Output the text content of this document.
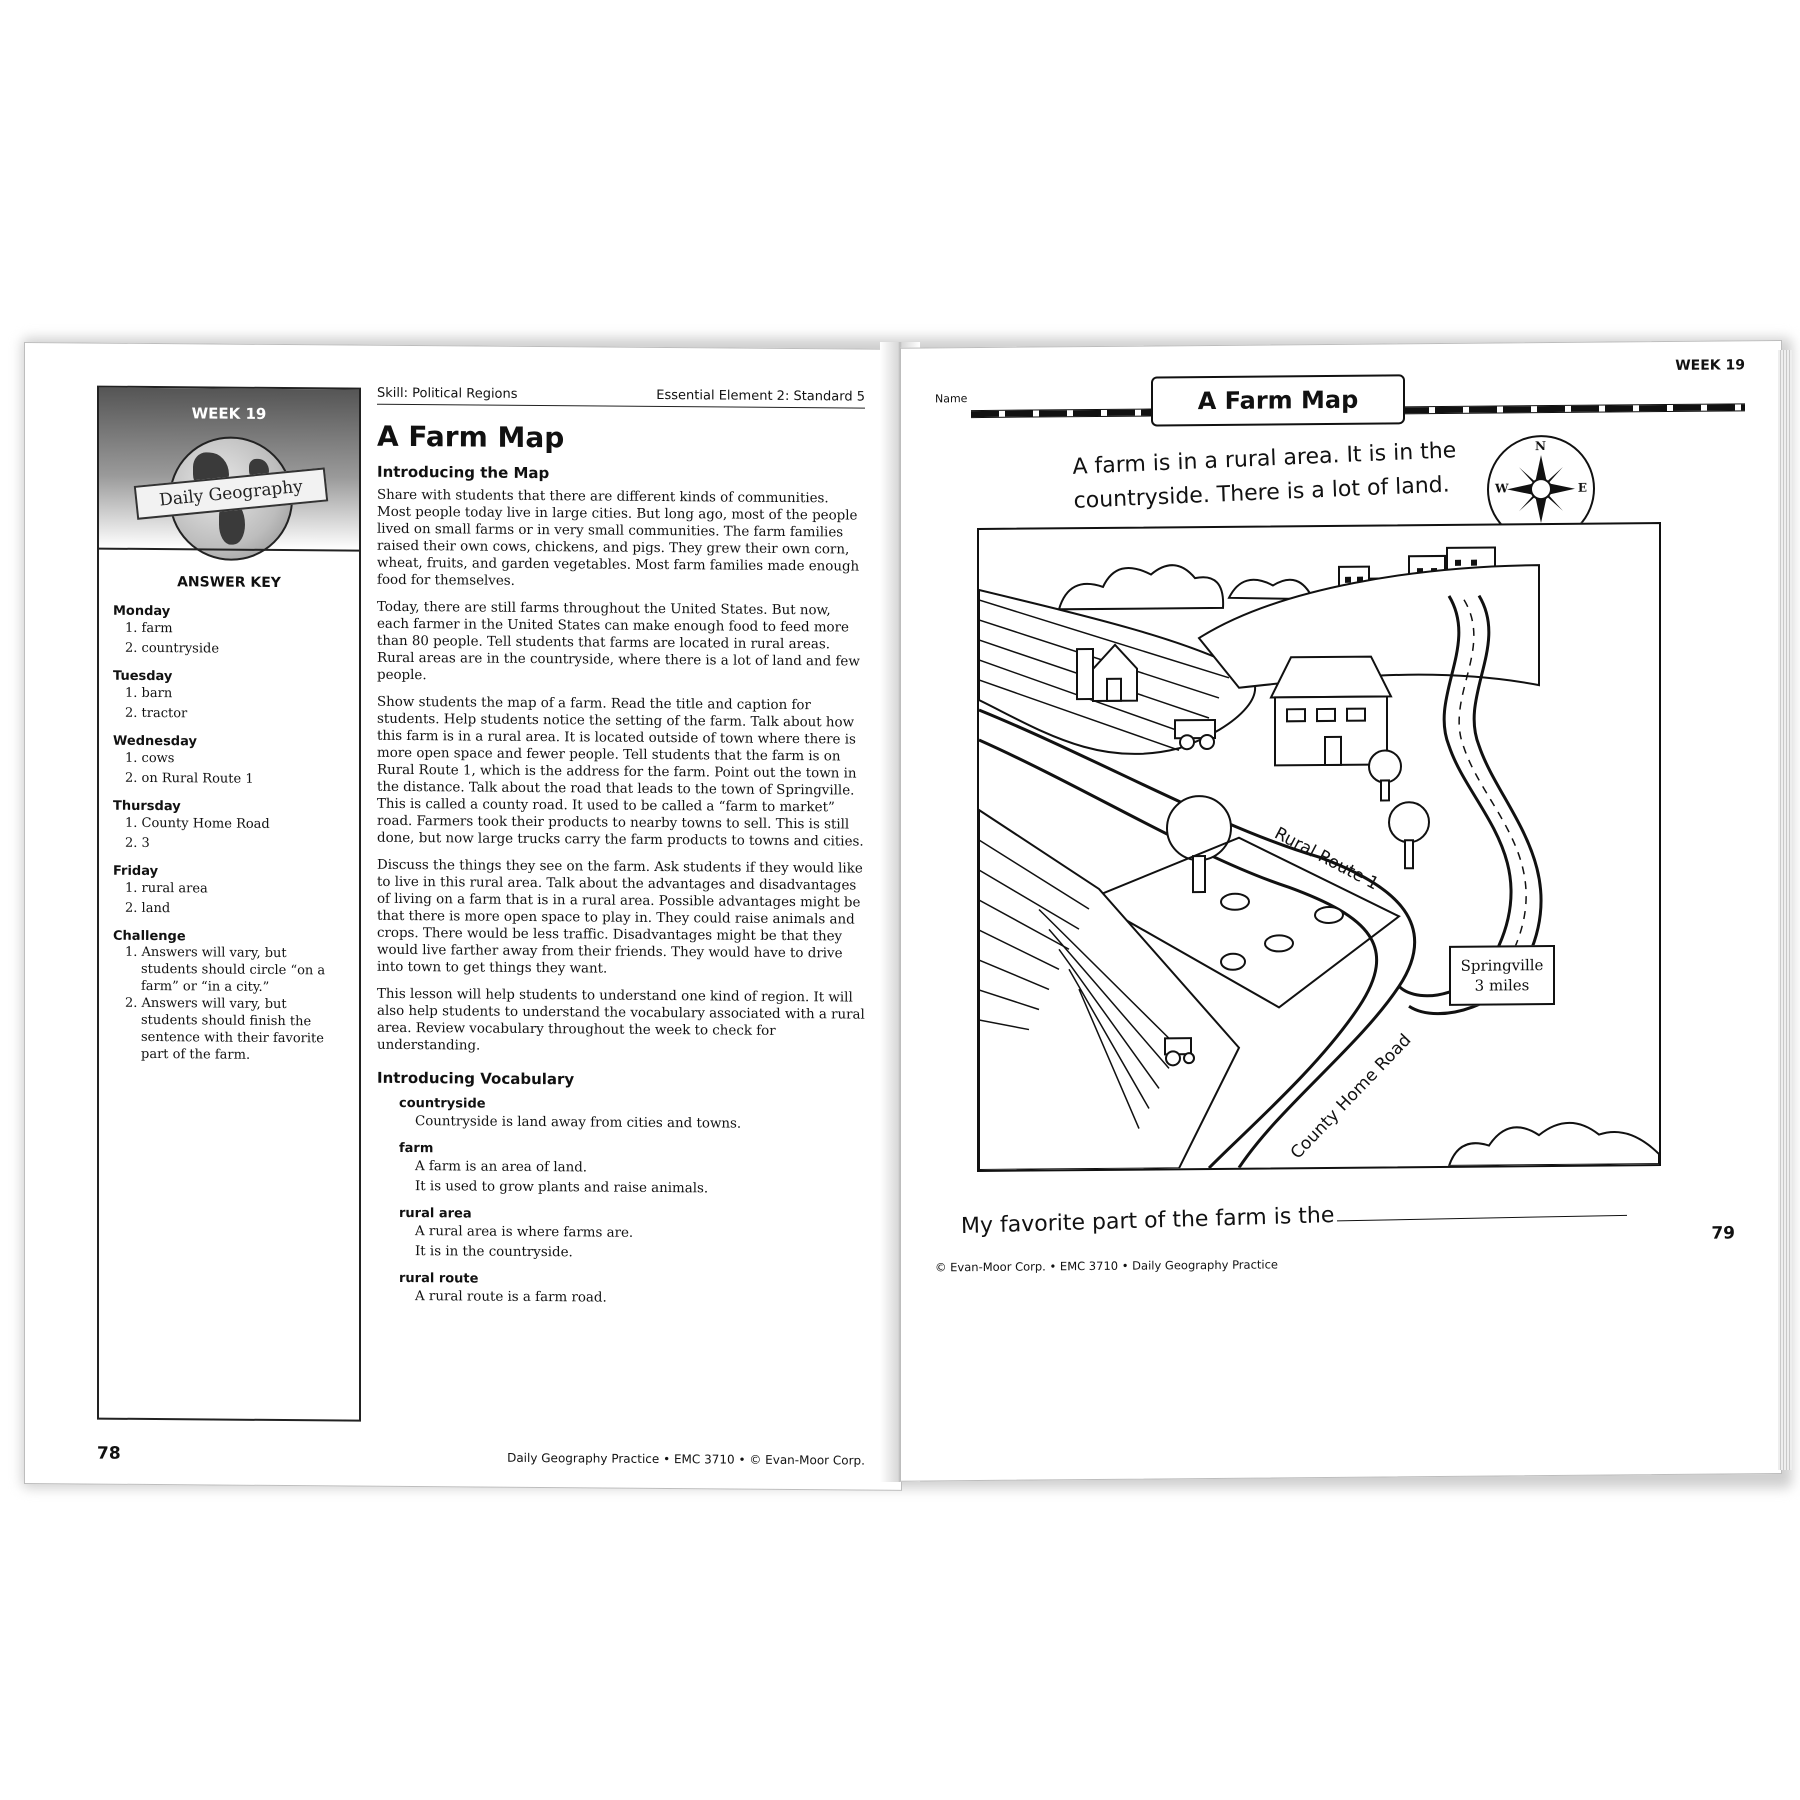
WEEK 19
Daily Geography
ANSWER KEY
Monday
1. farm
2. countryside
Tuesday
1. barn
2. tractor
Wednesday
1. cows
2. on Rural Route 1
Thursday
1. County Home Road
2. 3
Friday
1. rural area
2. land
Challenge
1. Answers will vary, but students should circle “on a farm” or “in a city.”
2. Answers will vary, but students should finish the sentence with their favorite part of the farm.
Skill: Political Regions	Essential Element 2: Standard 5
A Farm Map
Introducing the Map

Share with students that there are different kinds of communities. Most people today live in large cities. But long ago, most of the people lived on small farms or in very small communities. The farm families raised their own cows, chickens, and pigs. They grew their own corn, wheat, fruits, and garden vegetables. Most farm families made enough food for themselves.

Today, there are still farms throughout the United States. But now, each farmer in the United States can make enough food to feed more than 80 people. Tell students that farms are located in rural areas. Rural areas are in the countryside, where there is a lot of land and few people.

Show students the map of a farm. Read the title and caption for students. Help students notice the setting of the farm. Talk about how this farm is in a rural area. It is located outside of town where there is more open space and fewer people. Tell students that the farm is on Rural Route 1, which is the address for the farm. Point out the town in the distance. Talk about the road that leads to the town of Springville. This is called a county road. It used to be called a “farm to market” road. Farmers took their products to nearby towns to sell. This is still done, but now large trucks carry the farm products to towns and cities.

Discuss the things they see on the farm. Ask students if they would like to live in this rural area. Talk about the advantages and disadvantages of living on a farm that is in a rural area. Possible advantages might be that there is more open space to play in. They could raise animals and crops. There would be less traffic. Disadvantages might be that they would live farther away from their friends. They would have to drive into town to get things they want.

This lesson will help students to understand one kind of region. It will also help students to understand the vocabulary associated with a rural area. Review vocabulary throughout the week to check for understanding.

Introducing Vocabulary
countryside
Countryside is land away from cities and towns.
farm
A farm is an area of land.
It is used to grow plants and raise animals.
rural area
A rural area is where farms are.
It is in the countryside.
rural route
A rural route is a farm road.
78	Daily Geography Practice • EMC 3710 • © Evan-Moor Corp.
Name
WEEK 19
A Farm Map
A farm is in a rural area. It is in the
countryside. There is a lot of land.
N
E
W
Rural Route 1
County Home Road
Springville
3 miles
My favorite part of the farm is the	79
© Evan-Moor Corp. • EMC 3710 • Daily Geography Practice
